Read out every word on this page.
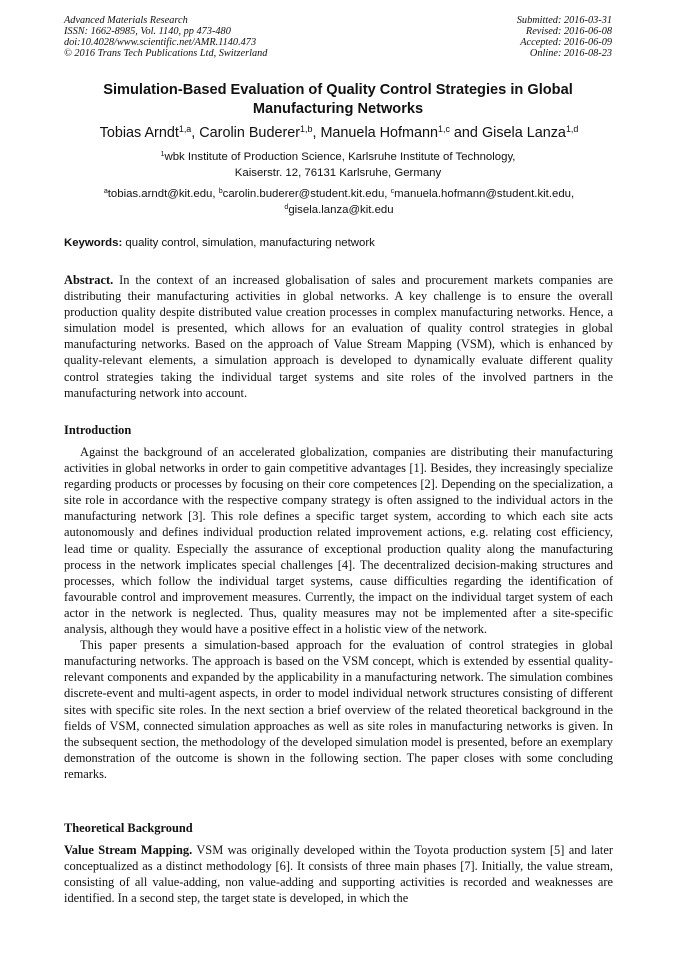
Advanced Materials Research
ISSN: 1662-8985, Vol. 1140, pp 473-480
doi:10.4028/www.scientific.net/AMR.1140.473
© 2016 Trans Tech Publications Ltd, Switzerland
Submitted: 2016-03-31
Revised: 2016-06-08
Accepted: 2016-06-09
Online: 2016-08-23
Simulation-Based Evaluation of Quality Control Strategies in Global Manufacturing Networks
Tobias Arndt$^{1,a}$, Carolin Buderer$^{1,b}$, Manuela Hofmann$^{1,c}$ and Gisela Lanza$^{1,d}$
$^1$wbk Institute of Production Science, Karlsruhe Institute of Technology,
Kaiserstr. 12, 76131 Karlsruhe, Germany
$^a$tobias.arndt@kit.edu, $^b$carolin.buderer@student.kit.edu, $^c$manuela.hofmann@student.kit.edu,
$^d$gisela.lanza@kit.edu
Keywords: quality control, simulation, manufacturing network

Abstract. In the context of an increased globalisation of sales and procurement markets companies are distributing their manufacturing activities in global networks. A key challenge is to ensure the overall production quality despite distributed value creation processes in complex manufacturing networks. Hence, a simulation model is presented, which allows for an evaluation of quality control strategies in global manufacturing networks. Based on the approach of Value Stream Mapping (VSM), which is enhanced by quality-relevant elements, a simulation approach is developed to dynamically evaluate different quality control strategies taking the individual target systems and site roles of the involved partners in the manufacturing network into account.

Introduction

Against the background of an accelerated globalization, companies are distributing their manufacturing activities in global networks in order to gain competitive advantages [1]. Besides, they increasingly specialize regarding products or processes by focusing on their core competences [2]. Depending on the specialization, a site role in accordance with the respective company strategy is often assigned to the individual actors in the manufacturing network [3]. This role defines a specific target system, according to which each site acts autonomously and defines individual production related improvement actions, e.g. relating cost efficiency, lead time or quality. Especially the assurance of exceptional production quality along the manufacturing process in the network implicates special challenges [4]. The decentralized decision-making structures and processes, which follow the individual target systems, cause difficulties regarding the identification of favourable control and improvement measures. Currently, the impact on the individual target system of each actor in the network is neglected. Thus, quality measures may not be implemented after a site-specific analysis, although they would have a positive effect in a holistic view of the network.

This paper presents a simulation-based approach for the evaluation of control strategies in global manufacturing networks. The approach is based on the VSM concept, which is extended by essential quality-relevant components and expanded by the applicability in a manufacturing network. The simulation combines discrete-event and multi-agent aspects, in order to model individual network structures consisting of different sites with specific site roles. In the next section a brief overview of the related theoretical background in the fields of VSM, connected simulation approaches as well as site roles in manufacturing networks is given. In the subsequent section, the methodology of the developed simulation model is presented, before an exemplary demonstration of the outcome is shown in the following section. The paper closes with some concluding remarks.

Theoretical Background

Value Stream Mapping. VSM was originally developed within the Toyota production system [5] and later conceptualized as a distinct methodology [6]. It consists of three main phases [7]. Initially, the value stream, consisting of all value-adding, non value-adding and supporting activities is recorded and weaknesses are identified. In a second step, the target state is developed, in which the
